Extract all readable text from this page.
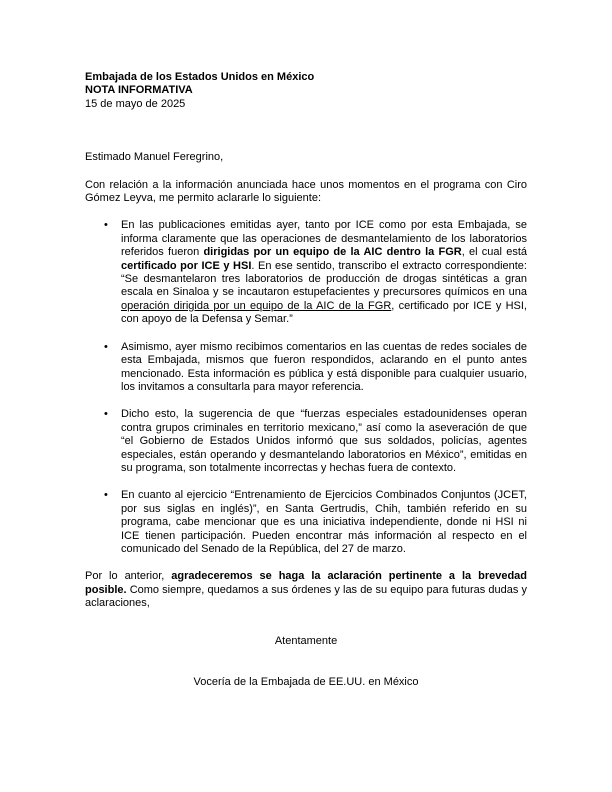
Embajada de los Estados Unidos en México
NOTA INFORMATIVA
15 de mayo de 2025

Estimado Manuel Feregrino,

Con relación a la información anunciada hace unos momentos en el programa con Ciro Gómez Leyva, me permito aclararle lo siguiente:

• En las publicaciones emitidas ayer, tanto por ICE como por esta Embajada, se informa claramente que las operaciones de desmantelamiento de los laboratorios referidos fueron dirigidas por un equipo de la AIC dentro la FGR, el cual está certificado por ICE y HSI. En ese sentido, transcribo el extracto correspondiente: “Se desmantelaron tres laboratorios de producción de drogas sintéticas a gran escala en Sinaloa y se incautaron estupefacientes y precursores químicos en una operación dirigida por un equipo de la AIC de la FGR, certificado por ICE y HSI, con apoyo de la Defensa y Semar.”
• Asimismo, ayer mismo recibimos comentarios en las cuentas de redes sociales de esta Embajada, mismos que fueron respondidos, aclarando en el punto antes mencionado. Esta información es pública y está disponible para cualquier usuario, los invitamos a consultarla para mayor referencia.
• Dicho esto, la sugerencia de que “fuerzas especiales estadounidenses operan contra grupos criminales en territorio mexicano,” así como la aseveración de que “el Gobierno de Estados Unidos informó que sus soldados, policías, agentes especiales, están operando y desmantelando laboratorios en México”, emitidas en su programa, son totalmente incorrectas y hechas fuera de contexto.
• En cuanto al ejercicio “Entrenamiento de Ejercicios Combinados Conjuntos (JCET, por sus siglas en inglés)”, en Santa Gertrudis, Chih, también referido en su programa, cabe mencionar que es una iniciativa independiente, donde ni HSI ni ICE tienen participación. Pueden encontrar más información al respecto en el comunicado del Senado de la República, del 27 de marzo.

Por lo anterior, agradeceremos se haga la aclaración pertinente a la brevedad posible. Como siempre, quedamos a sus órdenes y las de su equipo para futuras dudas y aclaraciones,

Atentamente

Vocería de la Embajada de EE.UU. en México
